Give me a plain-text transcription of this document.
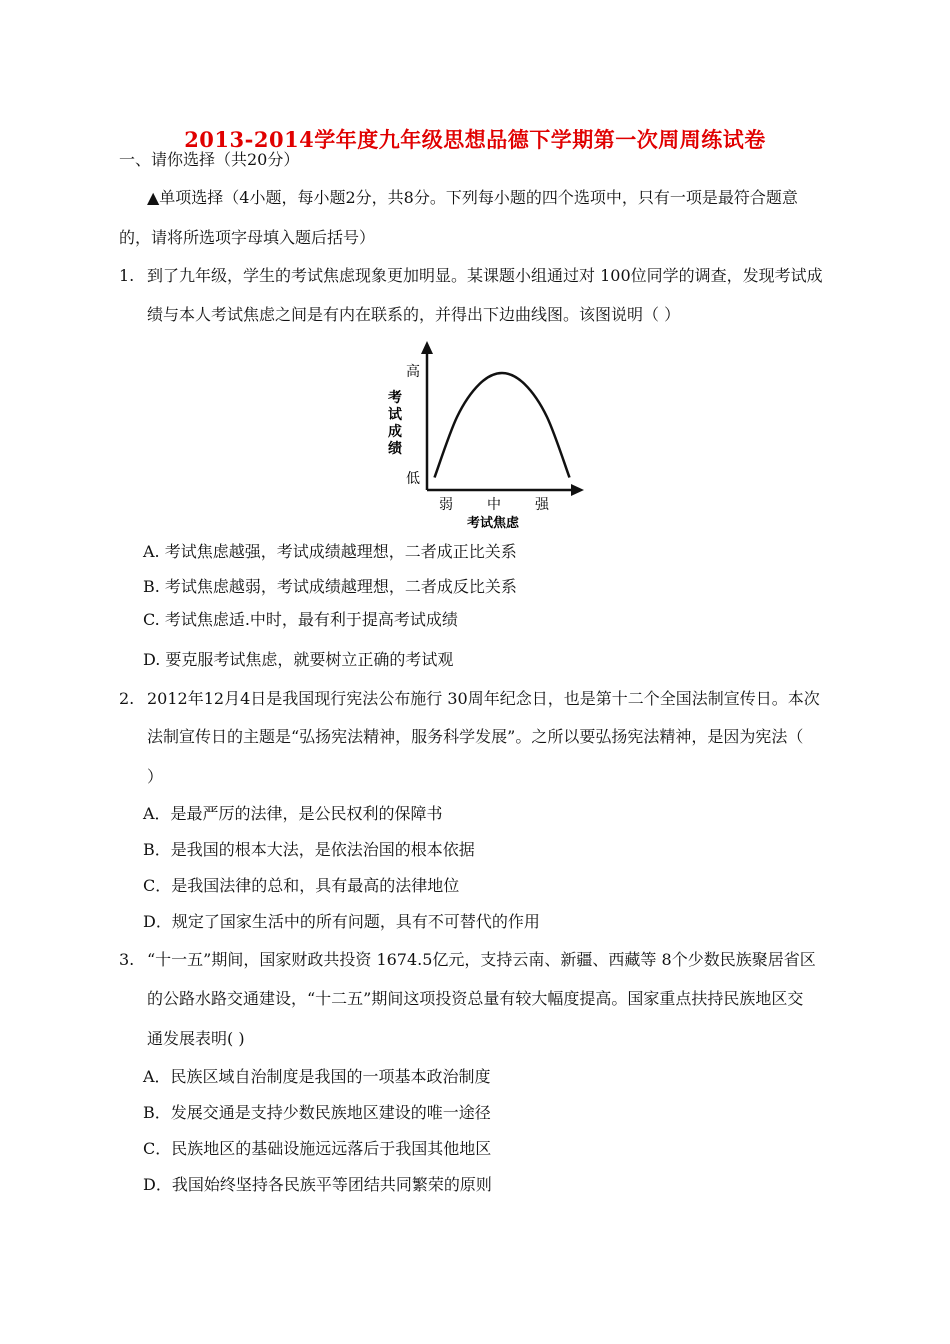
2013-2014学年度九年级思想品德下学期第一次周周练试卷
一、请你选择（共20分）
▲单项选择（4小题，每小题2分，共8分。下列每小题的四个选项中，只有一项是最符合题意
的，请将所选项字母填入题后括号）
1. 到了九年级，学生的考试焦虑现象更加明显。某课题小组通过对 100位同学的调查，发现考试成
绩与本人考试焦虑之间是有内在联系的，并得出下边曲线图。该图说明（ ）
高
低
考
试
成
绩
弱 中 强
考试焦虑
A. 考试焦虑越强，考试成绩越理想，二者成正比关系
B. 考试焦虑越弱，考试成绩越理想，二者成反比关系
C. 考试焦虑适.中时，最有利于提高考试成绩
D. 要克服考试焦虑，就要树立正确的考试观
2. 2012年12月4日是我国现行宪法公布施行 30周年纪念日，也是第十二个全国法制宣传日。本次
法制宣传日的主题是“弘扬宪法精神，服务科学发展”。之所以要弘扬宪法精神，是因为宪法（
）
A．是最严厉的法律，是公民权利的保障书
B．是我国的根本大法，是依法治国的根本依据
C．是我国法律的总和，具有最高的法律地位
D．规定了国家生活中的所有问题，具有不可替代的作用
3. “十一五”期间，国家财政共投资 1674.5亿元，支持云南、新疆、西藏等 8个少数民族聚居省区
的公路水路交通建设，“十二五”期间这项投资总量有较大幅度提高。国家重点扶持民族地区交
通发展表明( )
A．民族区域自治制度是我国的一项基本政治制度
B．发展交通是支持少数民族地区建设的唯一途径
C．民族地区的基础设施远远落后于我国其他地区
D．我国始终坚持各民族平等团结共同繁荣的原则
